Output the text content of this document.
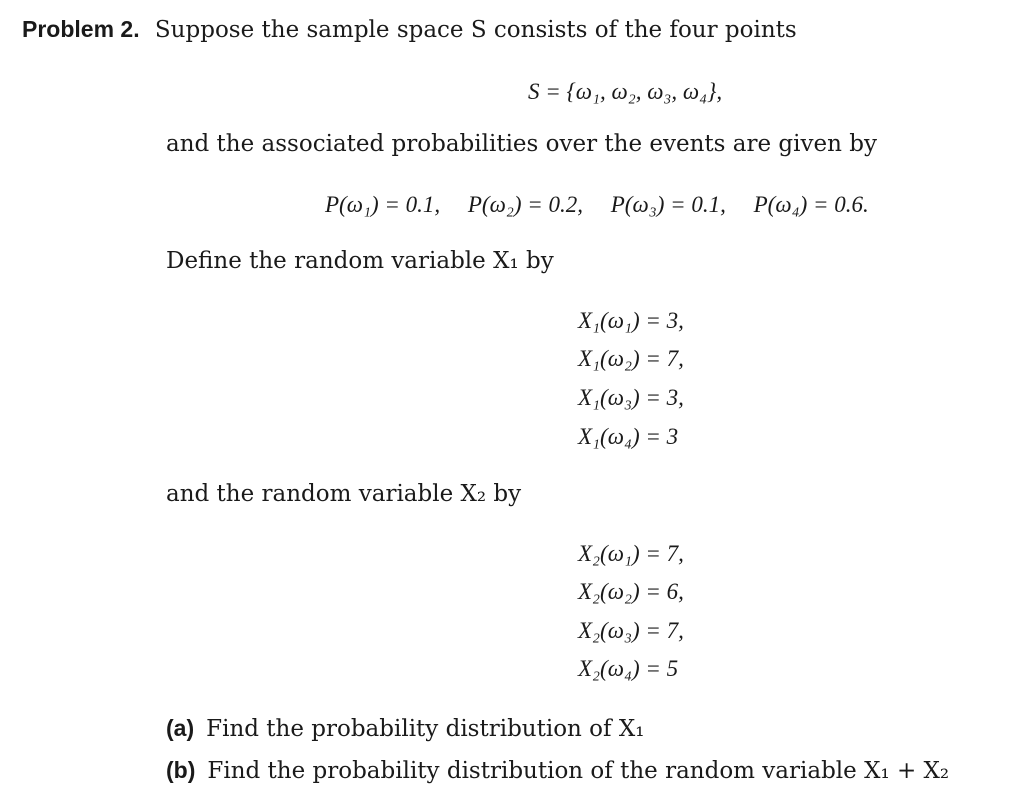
Problem 2. Suppose the sample space S consists of the four points
S = {ω₁, ω₂, ω₃, ω₄},
and the associated probabilities over the events are given by
P(ω₁) = 0.1, P(ω₂) = 0.2, P(ω₃) = 0.1, P(ω₄) = 0.6.
Define the random variable X₁ by
X₁(ω₁) = 3,
X₁(ω₂) = 7,
X₁(ω₃) = 3,
X₁(ω₄) = 3
and the random variable X₂ by
X₂(ω₁) = 7,
X₂(ω₂) = 6,
X₂(ω₃) = 7,
X₂(ω₄) = 5
(a) Find the probability distribution of X₁
(b) Find the probability distribution of the random variable X₁ + X₂
